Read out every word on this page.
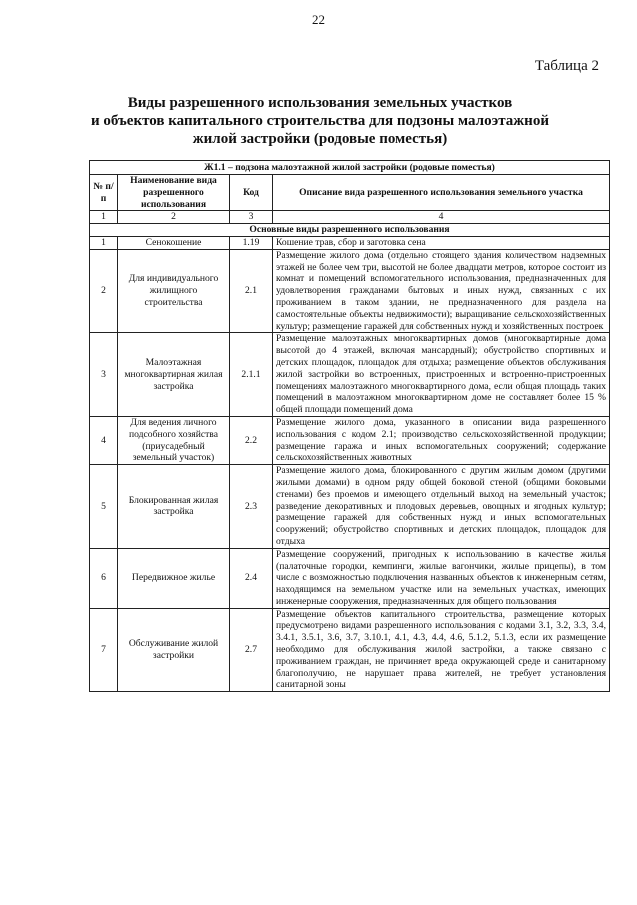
22
Таблица 2
Виды разрешенного использования земельных участков
и объектов капитального строительства для подзоны малоэтажной
жилой застройки (родовые поместья)
Ж1.1 – подзона малоэтажной жилой застройки (родовые поместья)			
№ п/п	Наименование вида разрешенного использования	Код	Описание вида разрешенного использования земельного участка
1	2	3	4
Основные виды разрешенного использования			
1	Сенокошение	1.19	Кошение трав, сбор и заготовка сена
2	Для индивидуального жилищного строительства	2.1	Размещение жилого дома (отдельно стоящего здания количеством надземных этажей не более чем три, высотой не более двадцати метров, которое состоит из комнат и помещений вспомогательного использования, предназначенных для удовлетворения гражданами бытовых и иных нужд, связанных с их проживанием в таком здании, не предназначенного для раздела на самостоятельные объекты недвижимости); выращивание сельскохозяйственных культур; размещение гаражей для собственных нужд и хозяйственных построек
3	Малоэтажная многоквартирная жилая застройка	2.1.1	Размещение малоэтажных многоквартирных домов (многоквартирные дома высотой до 4 этажей, включая мансардный); обустройство спортивных и детских площадок, площадок для отдыха; размещение объектов обслуживания жилой застройки во встроенных, пристроенных и встроенно-пристроенных помещениях малоэтажного многоквартирного дома, если общая площадь таких помещений в малоэтажном многоквартирном доме не составляет более 15 % общей площади помещений дома
4	Для ведения личного подсобного хозяйства (приусадебный земельный участок)	2.2	Размещение жилого дома, указанного в описании вида разрешенного использования с кодом 2.1; производство сельскохозяйственной продукции; размещение гаража и иных вспомогательных сооружений; содержание сельскохозяйственных животных
5	Блокированная жилая застройка	2.3	Размещение жилого дома, блокированного с другим жилым домом (другими жилыми домами) в одном ряду общей боковой стеной (общими боковыми стенами) без проемов и имеющего отдельный выход на земельный участок; разведение декоративных и плодовых деревьев, овощных и ягодных культур; размещение гаражей для собственных нужд и иных вспомогательных сооружений; обустройство спортивных и детских площадок, площадок для отдыха
6	Передвижное жилье	2.4	Размещение сооружений, пригодных к использованию в качестве жилья (палаточные городки, кемпинги, жилые вагончики, жилые прицепы), в том числе с возможностью подключения названных объектов к инженерным сетям, находящимся на земельном участке или на земельных участках, имеющих инженерные сооружения, предназначенных для общего пользования
7	Обслуживание жилой застройки	2.7	Размещение объектов капитального строительства, размещение которых предусмотрено видами разрешенного использования с кодами 3.1, 3.2, 3.3, 3.4, 3.4.1, 3.5.1, 3.6, 3.7, 3.10.1, 4.1, 4.3, 4.4, 4.6, 5.1.2, 5.1.3, если их размещение необходимо для обслуживания жилой застройки, а также связано с проживанием граждан, не причиняет вреда окружающей среде и санитарному благополучию, не нарушает права жителей, не требует установления санитарной зоны
